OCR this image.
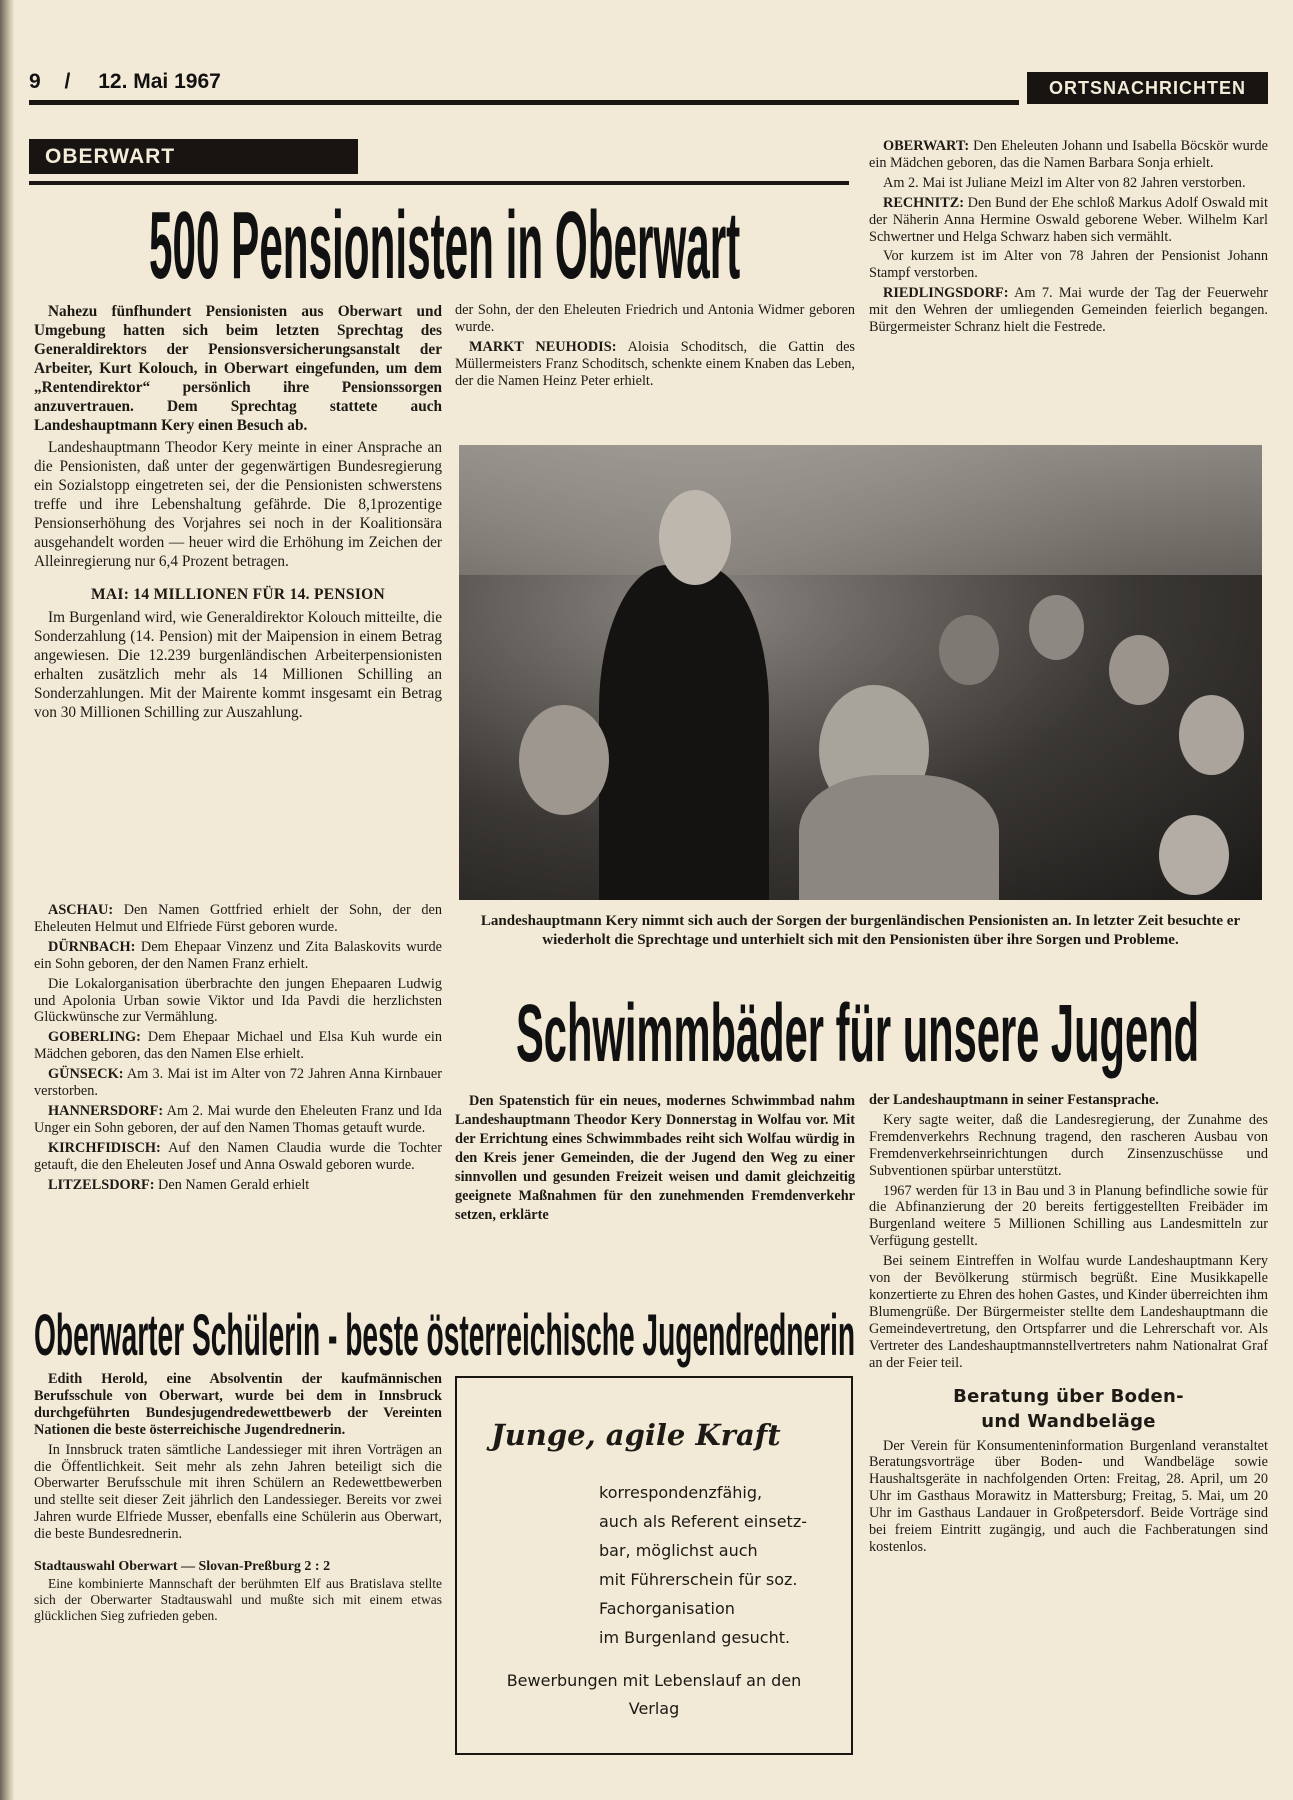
9 / 12. Mai 1967	ORTSNACHRICHTEN
OBERWART
500 Pensionisten in Oberwart

Nahezu fünfhundert Pensionisten aus Oberwart und Umgebung hatten sich beim letzten Sprechtag des Generaldirektors der Pensionsversicherungsanstalt der Arbeiter, Kurt Kolouch, in Oberwart eingefunden, um dem „Rentendirektor“ persönlich ihre Pensionssorgen anzuvertrauen. Dem Sprechtag stattete auch Landeshauptmann Kery einen Besuch ab.

Landeshauptmann Theodor Kery meinte in einer Ansprache an die Pensionisten, daß unter der gegenwärtigen Bundesregierung ein Sozialstopp eingetreten sei, der die Pensionisten schwerstens treffe und ihre Lebenshaltung gefährde. Die 8,1prozentige Pensionserhöhung des Vorjahres sei noch in der Koalitionsära ausgehandelt worden — heuer wird die Erhöhung im Zeichen der Alleinregierung nur 6,4 Prozent betragen.

MAI: 14 MILLIONEN FÜR 14. PENSION

Im Burgenland wird, wie Generaldirektor Kolouch mitteilte, die Sonderzahlung (14. Pension) mit der Maipension in einem Betrag angewiesen. Die 12.239 burgenländischen Arbeiterpensionisten erhalten zusätzlich mehr als 14 Millionen Schilling an Sonderzahlungen. Mit der Mairente kommt insgesamt ein Betrag von 30 Millionen Schilling zur Auszahlung.

ASCHAU: Den Namen Gottfried erhielt der Sohn, der den Eheleuten Helmut und Elfriede Fürst geboren wurde.

DÜRNBACH: Dem Ehepaar Vinzenz und Zita Balaskovits wurde ein Sohn geboren, der den Namen Franz erhielt.

Die Lokalorganisation überbrachte den jungen Ehepaaren Ludwig und Apolonia Urban sowie Viktor und Ida Pavdi die herzlichsten Glückwünsche zur Vermählung.

GOBERLING: Dem Ehepaar Michael und Elsa Kuh wurde ein Mädchen geboren, das den Namen Else erhielt.

GÜNSECK: Am 3. Mai ist im Alter von 72 Jahren Anna Kirnbauer verstorben.

HANNERSDORF: Am 2. Mai wurde den Eheleuten Franz und Ida Unger ein Sohn geboren, der auf den Namen Thomas getauft wurde.

KIRCHFIDISCH: Auf den Namen Claudia wurde die Tochter getauft, die den Eheleuten Josef und Anna Oswald geboren wurde.

LITZELSDORF: Den Namen Gerald erhielt

der Sohn, der den Eheleuten Friedrich und Antonia Widmer geboren wurde.

MARKT NEUHODIS: Aloisia Schoditsch, die Gattin des Müllermeisters Franz Schoditsch, schenkte einem Knaben das Leben, der die Namen Heinz Peter erhielt.

OBERWART: Den Eheleuten Johann und Isabella Böcskör wurde ein Mädchen geboren, das die Namen Barbara Sonja erhielt.

Am 2. Mai ist Juliane Meizl im Alter von 82 Jahren verstorben.

RECHNITZ: Den Bund der Ehe schloß Markus Adolf Oswald mit der Näherin Anna Hermine Oswald geborene Weber. Wilhelm Karl Schwertner und Helga Schwarz haben sich vermählt.

Vor kurzem ist im Alter von 78 Jahren der Pensionist Johann Stampf verstorben.

RIEDLINGSDORF: Am 7. Mai wurde der Tag der Feuerwehr mit den Wehren der umliegenden Gemeinden feierlich begangen. Bürgermeister Schranz hielt die Festrede.

Landeshauptmann Kery nimmt sich auch der Sorgen der burgenländischen Pensionisten an. In letzter Zeit besuchte er wiederholt die Sprechtage und unterhielt sich mit den Pensionisten über ihre Sorgen und Probleme.
Schwimmbäder für unsere Jugend

Den Spatenstich für ein neues, modernes Schwimmbad nahm Landeshauptmann Theodor Kery Donnerstag in Wolfau vor. Mit der Errichtung eines Schwimmbades reiht sich Wolfau würdig in den Kreis jener Gemeinden, die der Jugend den Weg zu einer sinnvollen und gesunden Freizeit weisen und damit gleichzeitig geeignete Maßnahmen für den zunehmenden Fremdenverkehr setzen, erklärte

der Landeshauptmann in seiner Festansprache.

Kery sagte weiter, daß die Landesregierung, der Zunahme des Fremdenverkehrs Rechnung tragend, den rascheren Ausbau von Fremdenverkehrseinrichtungen durch Zinsenzuschüsse und Subventionen spürbar unterstützt.

1967 werden für 13 in Bau und 3 in Planung befindliche sowie für die Abfinanzierung der 20 bereits fertiggestellten Freibäder im Burgenland weitere 5 Millionen Schilling aus Landesmitteln zur Verfügung gestellt.

Bei seinem Eintreffen in Wolfau wurde Landeshauptmann Kery von der Bevölkerung stürmisch begrüßt. Eine Musikkapelle konzertierte zu Ehren des hohen Gastes, und Kinder überreichten ihm Blumengrüße. Der Bürgermeister stellte dem Landeshauptmann die Gemeindevertretung, den Ortspfarrer und die Lehrerschaft vor. Als Vertreter des Landeshauptmannstellvertreters nahm Nationalrat Graf an der Feier teil.

Beratung über Boden- und Wandbeläge

Der Verein für Konsumenteninformation Burgenland veranstaltet Beratungsvorträge über Boden- und Wandbeläge sowie Haushaltsgeräte in nachfolgenden Orten: Freitag, 28. April, um 20 Uhr im Gasthaus Morawitz in Mattersburg; Freitag, 5. Mai, um 20 Uhr im Gasthaus Landauer in Großpetersdorf. Beide Vorträge sind bei freiem Eintritt zugängig, und auch die Fachberatungen sind kostenlos.

Oberwarter Schülerin - beste österreichische Jugendrednerin

Edith Herold, eine Absolventin der kaufmännischen Berufsschule von Oberwart, wurde bei dem in Innsbruck durchgeführten Bundesjugendredewettbewerb der Vereinten Nationen die beste österreichische Jugendrednerin.

In Innsbruck traten sämtliche Landessieger mit ihren Vorträgen an die Öffentlichkeit. Seit mehr als zehn Jahren beteiligt sich die Oberwarter Berufsschule mit ihren Schülern an Redewettbewerben und stellte seit dieser Zeit jährlich den Landessieger. Bereits vor zwei Jahren wurde Elfriede Musser, ebenfalls eine Schülerin aus Oberwart, die beste Bundesrednerin.

Stadtauswahl Oberwart — Slovan-Preßburg 2 : 2

Eine kombinierte Mannschaft der berühmten Elf aus Bratislava stellte sich der Oberwarter Stadtauswahl und mußte sich mit einem etwas glücklichen Sieg zufrieden geben.

Junge, agile Kraft
korrespondenzfähig,
auch als Referent einsetz-
bar, möglichst auch
mit Führerschein für soz.
Fachorganisation
im Burgenland gesucht.
Bewerbungen mit Lebenslauf an den
Verlag
